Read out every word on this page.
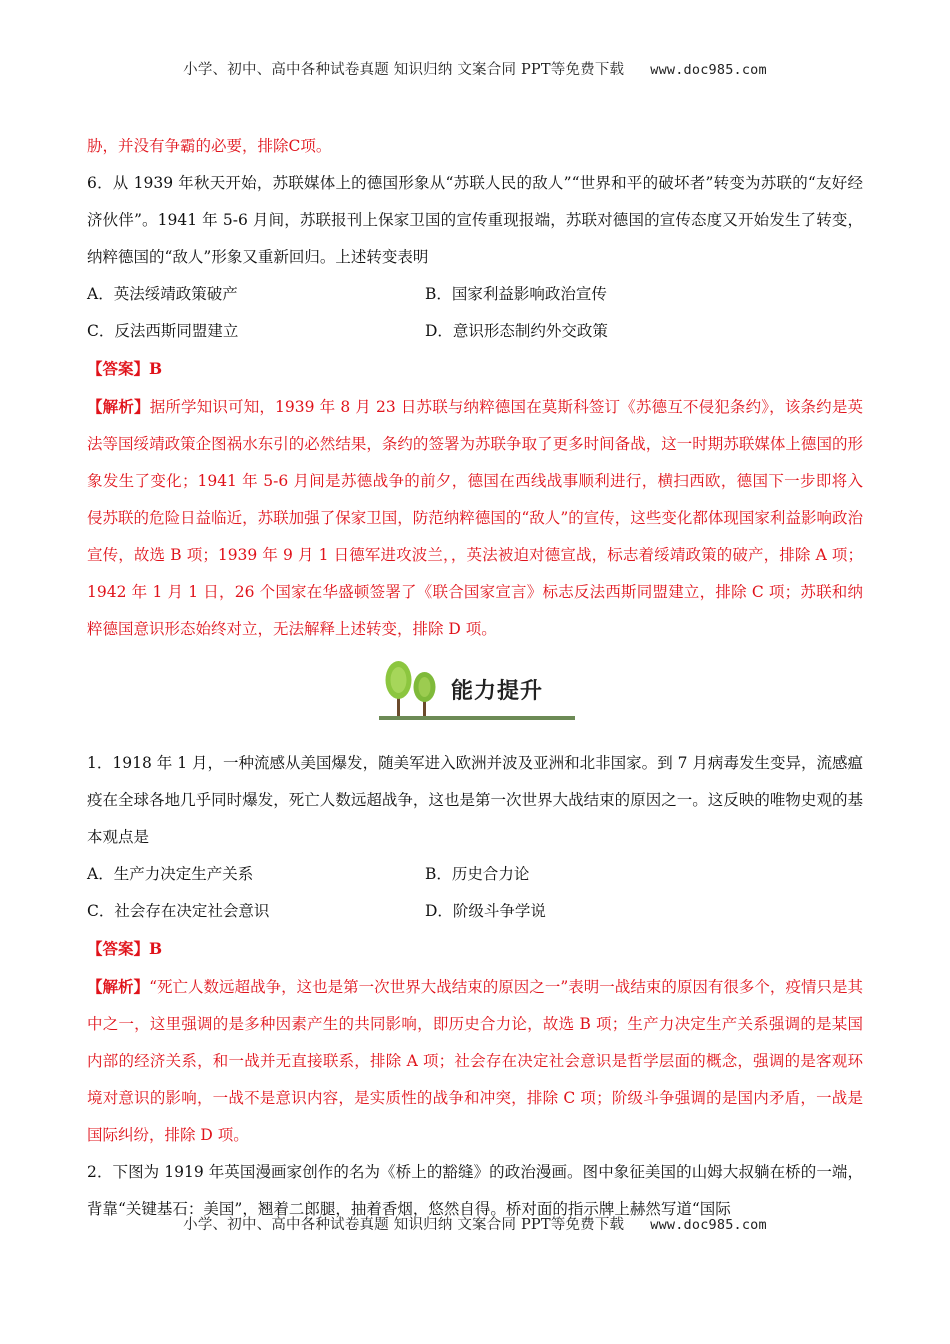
小学、初中、高中各种试卷真题 知识归纳 文案合同 PPT等免费下载 www.doc985.com

胁，并没有争霸的必要，排除C项。

6．从 1939 年秋天开始，苏联媒体上的德国形象从“苏联人民的敌人”“世界和平的破坏者”转变为苏联的“友好经济伙伴”。1941 年 5-6 月间，苏联报刊上保家卫国的宣传重现报端，苏联对德国的宣传态度又开始发生了转变，纳粹德国的“敌人”形象又重新回归。上述转变表明

A．英法绥靖政策破产	B．国家利益影响政治宣传
C．反法西斯同盟建立	D．意识形态制约外交政策

【答案】B

【解析】据所学知识可知，1939 年 8 月 23 日苏联与纳粹德国在莫斯科签订《苏德互不侵犯条约》，该条约是英法等国绥靖政策企图祸水东引的必然结果，条约的签署为苏联争取了更多时间备战，这一时期苏联媒体上德国的形象发生了变化；1941 年 5-6 月间是苏德战争的前夕，德国在西线战事顺利进行，横扫西欧，德国下一步即将入侵苏联的危险日益临近，苏联加强了保家卫国，防范纳粹德国的“敌人”的宣传，这些变化都体现国家利益影响政治宣传，故选 B 项；1939 年 9 月 1 日德军进攻波兰，，英法被迫对德宣战，标志着绥靖政策的破产，排除 A 项；1942 年 1 月 1 日，26 个国家在华盛顿签署了《联合国家宣言》标志反法西斯同盟建立，排除 C 项；苏联和纳粹德国意识形态始终对立，无法解释上述转变，排除 D 项。

能力提升

1．1918 年 1 月，一种流感从美国爆发，随美军进入欧洲并波及亚洲和北非国家。到 7 月病毒发生变异，流感瘟疫在全球各地几乎同时爆发，死亡人数远超战争，这也是第一次世界大战结束的原因之一。这反映的唯物史观的基本观点是

A．生产力决定生产关系	B．历史合力论
C．社会存在决定社会意识	D．阶级斗争学说

【答案】B

【解析】“死亡人数远超战争，这也是第一次世界大战结束的原因之一”表明一战结束的原因有很多个，疫情只是其中之一，这里强调的是多种因素产生的共同影响，即历史合力论，故选 B 项；生产力决定生产关系强调的是某国内部的经济关系，和一战并无直接联系，排除 A 项；社会存在决定社会意识是哲学层面的概念，强调的是客观环境对意识的影响，一战不是意识内容，是实质性的战争和冲突，排除 C 项；阶级斗争强调的是国内矛盾，一战是国际纠纷，排除 D 项。

2．下图为 1919 年英国漫画家创作的名为《桥上的豁缝》的政治漫画。图中象征美国的山姆大叔躺在桥的一端，背靠“关键基石：美国”，翘着二郎腿，抽着香烟，悠然自得。桥对面的指示牌上赫然写道“国际

小学、初中、高中各种试卷真题 知识归纳 文案合同 PPT等免费下载 www.doc985.com
